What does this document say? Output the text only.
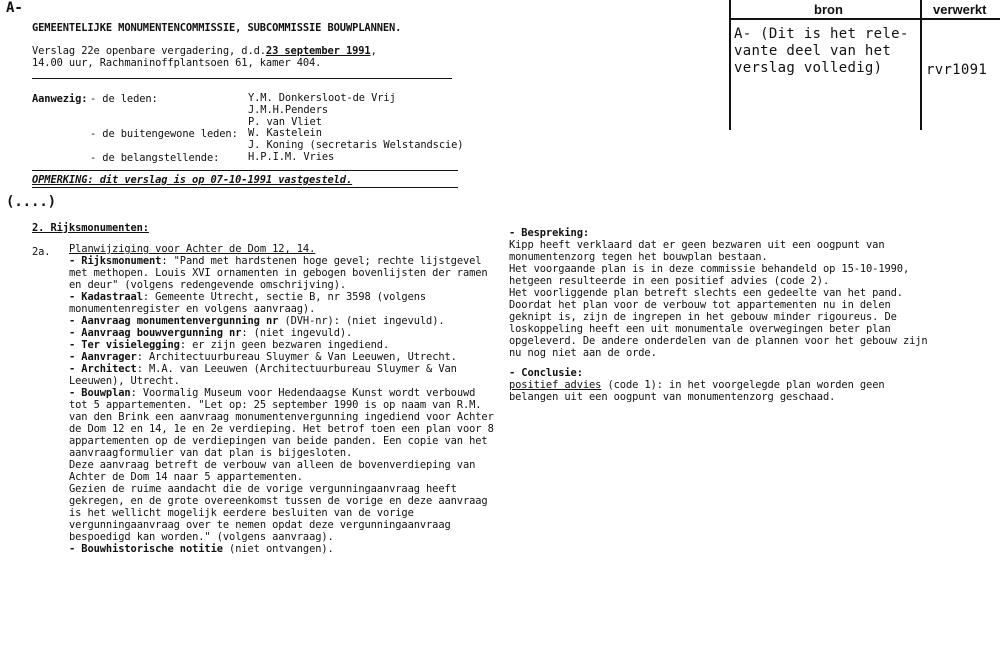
A-
GEMEENTELIJKE MONUMENTENCOMMISSIE, SUBCOMMISSIE BOUWPLANNEN.
Verslag 22e openbare vergadering, d.d.23 september 1991,
14.00 uur, Rachmaninoffplantsoen 61, kamer 404.
Aanwezig: - de leden:	Y.M. Donkersloot-de Vrij
J.M.H.Penders
P. van Vliet
- de buitengewone leden: W. Kastelein
J. Koning (secretaris Welstandscie)
- de belangstellende:	H.P.I.M. Vries
OPMERKING: dit verslag is op 07-10-1991 vastgesteld.
(....)
2. Rijksmonumenten:
2a. Planwijziging voor Achter de Dom 12, 14.
- Rijksmonument: "Pand met hardstenen hoge gevel; rechte lijstgevel
met methopen. Louis XVI ornamenten in gebogen bovenlijsten der ramen
en deur" (volgens redengevende omschrijving).
- Kadastraal: Gemeente Utrecht, sectie B, nr 3598 (volgens
monumentenregister en volgens aanvraag).
- Aanvraag monumentenvergunning nr (DVH-nr): (niet ingevuld).
- Aanvraag bouwvergunning nr: (niet ingevuld).
- Ter visielegging: er zijn geen bezwaren ingediend.
- Aanvrager: Architectuurbureau Sluymer & Van Leeuwen, Utrecht.
- Architect: M.A. van Leeuwen (Architectuurbureau Sluymer & Van
Leeuwen), Utrecht.
- Bouwplan: Voormalig Museum voor Hedendaagse Kunst wordt verbouwd
tot 5 appartementen. "Let op: 25 september 1990 is op naam van R.M.
van den Brink een aanvraag monumentenvergunning ingediend voor Achter
de Dom 12 en 14, 1e en 2e verdieping. Het betrof toen een plan voor 8
appartementen op de verdiepingen van beide panden. Een copie van het
aanvraagformulier van dat plan is bijgesloten.
Deze aanvraag betreft de verbouw van alleen de bovenverdieping van
Achter de Dom 14 naar 5 appartementen.
Gezien de ruime aandacht die de vorige vergunningaanvraag heeft
gekregen, en de grote overeenkomst tussen de vorige en deze aanvraag
is het wellicht mogelijk eerdere besluiten van de vorige
vergunningaanvraag over te nemen opdat deze vergunningaanvraag
bespoedigd kan worden." (volgens aanvraag).
- Bouwhistorische notitie (niet ontvangen).
- Bespreking:
Kipp heeft verklaard dat er geen bezwaren uit een oogpunt van
monumentenzorg tegen het bouwplan bestaan.
Het voorgaande plan is in deze commissie behandeld op 15-10-1990,
hetgeen resulteerde in een positief advies (code 2).
Het voorliggende plan betreft slechts een gedeelte van het pand.
Doordat het plan voor de verbouw tot appartementen nu in delen
geknipt is, zijn de ingrepen in het gebouw minder rigoureus. De
loskoppeling heeft een uit monumentale overwegingen beter plan
opgeleverd. De andere onderdelen van de plannen voor het gebouw zijn
nu nog niet aan de orde.
- Conclusie:
positief advies (code 1): in het voorgelegde plan worden geen
belangen uit een oogpunt van monumentenzorg geschaad.
bron	verwerkt
A- (Dit is het rele-
vante deel van het
verslag volledig)	rvr1091
